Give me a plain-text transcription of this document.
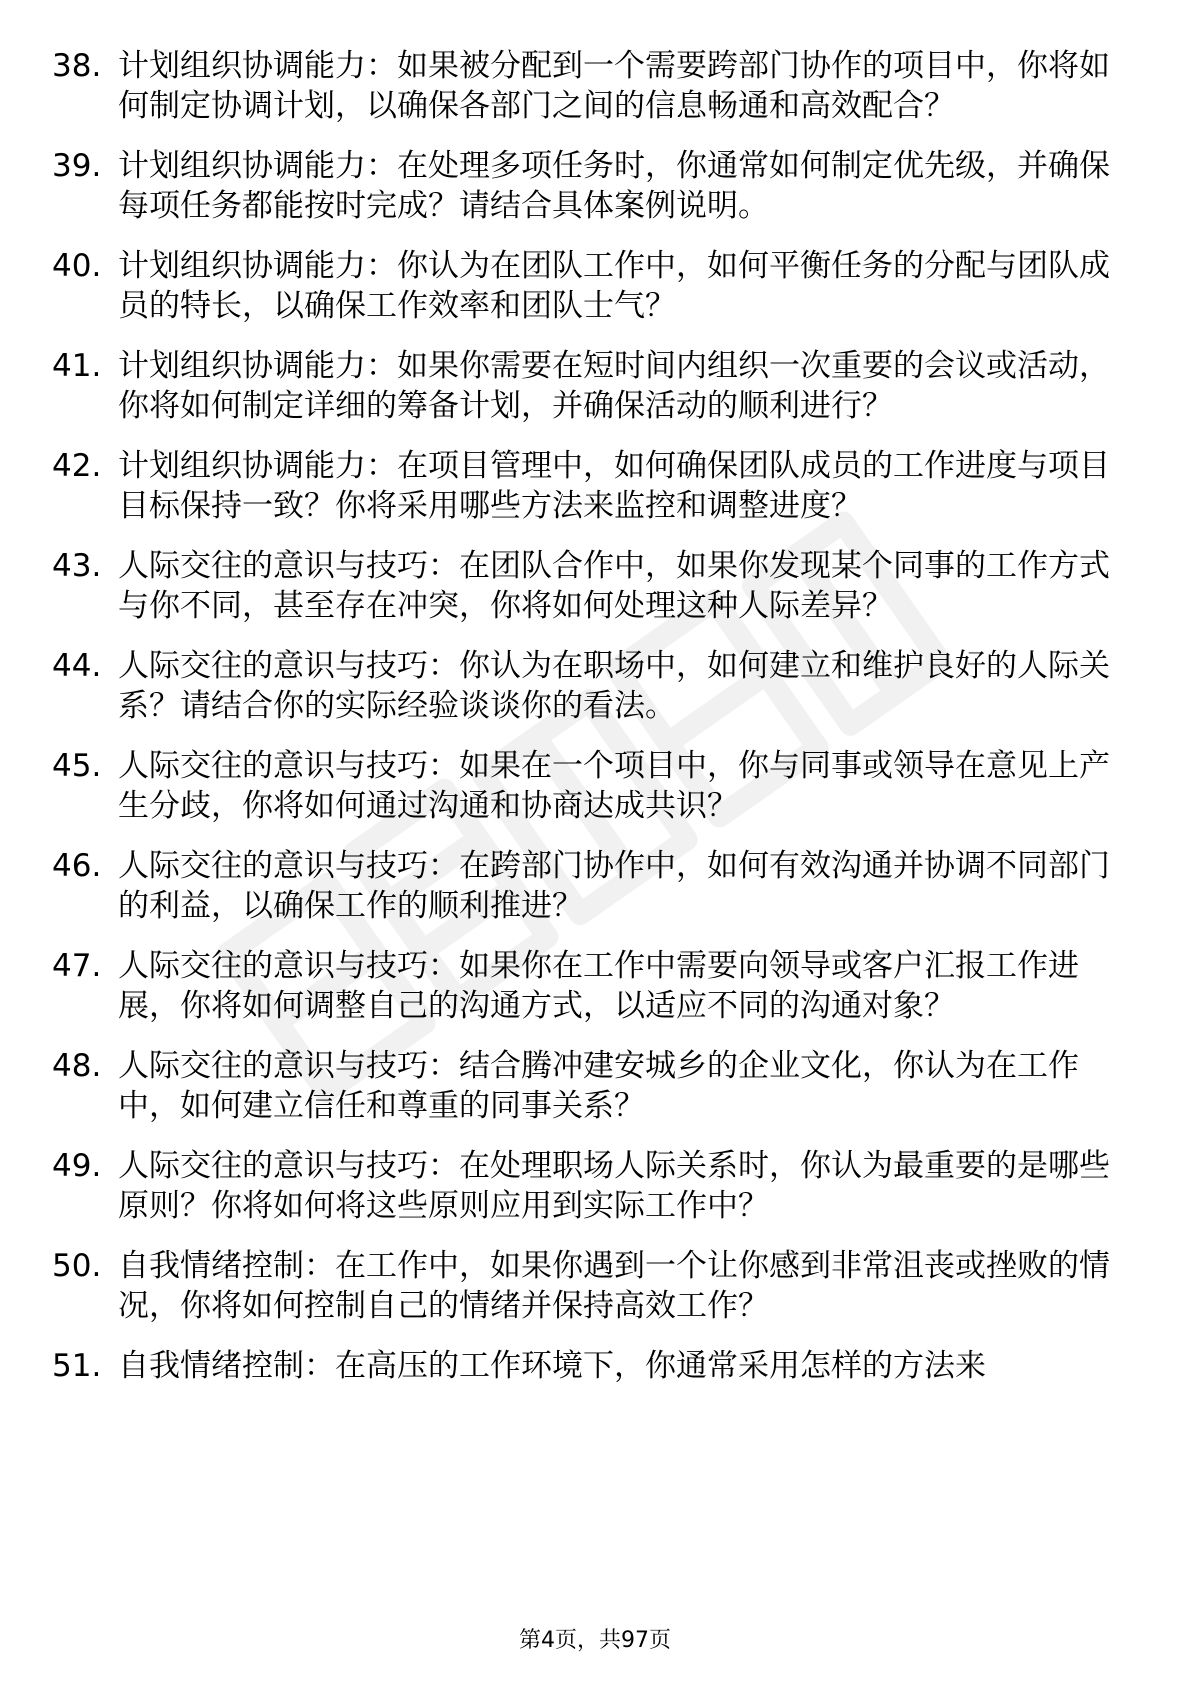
38. 计划组织协调能力：如果被分配到一个需要跨部门协作的项目中，你将如何制定协调计划，以确保各部门之间的信息畅通和高效配合？
39. 计划组织协调能力：在处理多项任务时，你通常如何制定优先级，并确保每项任务都能按时完成？请结合具体案例说明。
40. 计划组织协调能力：你认为在团队工作中，如何平衡任务的分配与团队成员的特长，以确保工作效率和团队士气？
41. 计划组织协调能力：如果你需要在短时间内组织一次重要的会议或活动，你将如何制定详细的筹备计划，并确保活动的顺利进行？
42. 计划组织协调能力：在项目管理中，如何确保团队成员的工作进度与项目目标保持一致？你将采用哪些方法来监控和调整进度？
43. 人际交往的意识与技巧：在团队合作中，如果你发现某个同事的工作方式与你不同，甚至存在冲突，你将如何处理这种人际差异？
44. 人际交往的意识与技巧：你认为在职场中，如何建立和维护良好的人际关系？请结合你的实际经验谈谈你的看法。
45. 人际交往的意识与技巧：如果在一个项目中，你与同事或领导在意见上产生分歧，你将如何通过沟通和协商达成共识？
46. 人际交往的意识与技巧：在跨部门协作中，如何有效沟通并协调不同部门的利益，以确保工作的顺利推进？
47. 人际交往的意识与技巧：如果你在工作中需要向领导或客户汇报工作进展，你将如何调整自己的沟通方式，以适应不同的沟通对象？
48. 人际交往的意识与技巧：结合腾冲建安城乡的企业文化，你认为在工作中，如何建立信任和尊重的同事关系？
49. 人际交往的意识与技巧：在处理职场人际关系时，你认为最重要的是哪些原则？你将如何将这些原则应用到实际工作中？
50. 自我情绪控制：在工作中，如果你遇到一个让你感到非常沮丧或挫败的情况，你将如何控制自己的情绪并保持高效工作？
51. 自我情绪控制：在高压的工作环境下，你通常采用怎样的方法来
第4页，共97页
